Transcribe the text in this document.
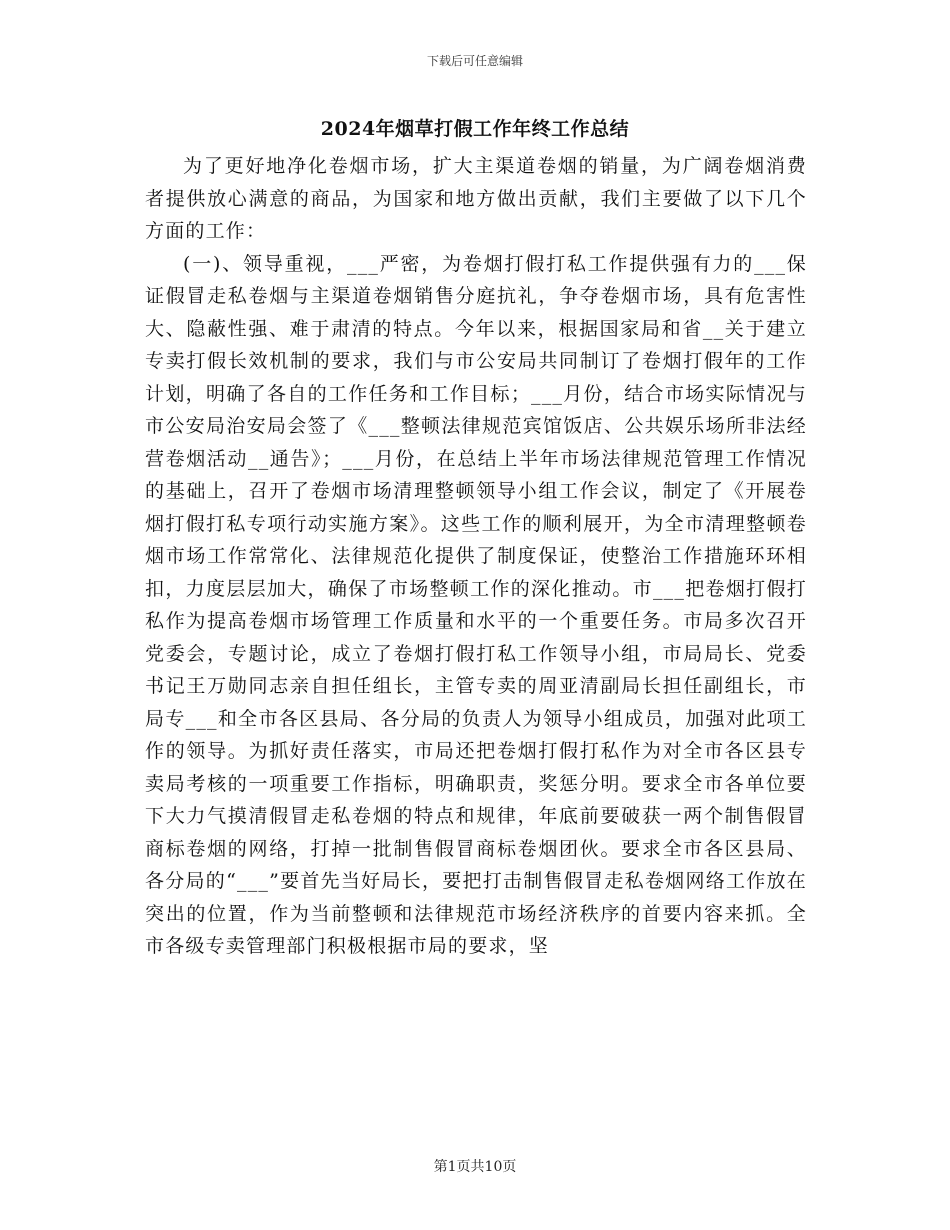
下载后可任意编辑
2024年烟草打假工作年终工作总结

为了更好地净化卷烟市场，扩大主渠道卷烟的销量，为广阔卷烟消费者提供放心满意的商品，为国家和地方做出贡献，我们主要做了以下几个方面的工作：

(一)、领导重视，___严密，为卷烟打假打私工作提供强有力的___保证假冒走私卷烟与主渠道卷烟销售分庭抗礼，争夺卷烟市场，具有危害性大、隐蔽性强、难于肃清的特点。今年以来，根据国家局和省__关于建立专卖打假长效机制的要求，我们与市公安局共同制订了卷烟打假年的工作计划，明确了各自的工作任务和工作目标；___月份，结合市场实际情况与市公安局治安局会签了《___整顿法律规范宾馆饭店、公共娱乐场所非法经营卷烟活动__通告》；___月份，在总结上半年市场法律规范管理工作情况的基础上，召开了卷烟市场清理整顿领导小组工作会议，制定了《开展卷烟打假打私专项行动实施方案》。这些工作的顺利展开，为全市清理整顿卷烟市场工作常常化、法律规范化提供了制度保证，使整治工作措施环环相扣，力度层层加大，确保了市场整顿工作的深化推动。市___把卷烟打假打私作为提高卷烟市场管理工作质量和水平的一个重要任务。市局多次召开党委会，专题讨论，成立了卷烟打假打私工作领导小组，市局局长、党委书记王万勋同志亲自担任组长，主管专卖的周亚清副局长担任副组长，市局专___和全市各区县局、各分局的负责人为领导小组成员，加强对此项工作的领导。为抓好责任落实，市局还把卷烟打假打私作为对全市各区县专卖局考核的一项重要工作指标，明确职责，奖惩分明。要求全市各单位要下大力气摸清假冒走私卷烟的特点和规律，年底前要破获一两个制售假冒商标卷烟的网络，打掉一批制售假冒商标卷烟团伙。要求全市各区县局、各分局的“___”要首先当好局长，要把打击制售假冒走私卷烟网络工作放在突出的位置，作为当前整顿和法律规范市场经济秩序的首要内容来抓。全市各级专卖管理部门积极根据市局的要求，坚

第1页共10页
